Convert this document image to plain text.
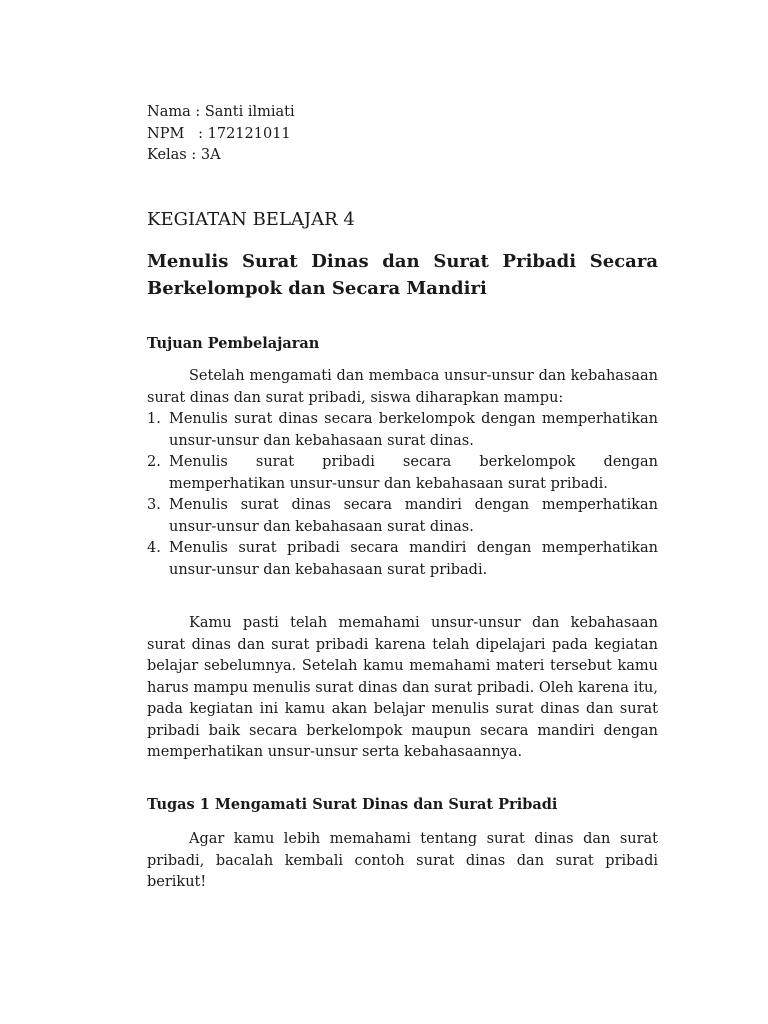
Nama : Santi ilmiati
NPM   : 172121011
Kelas : 3A
KEGIATAN BELAJAR 4
Menulis Surat Dinas dan Surat Pribadi Secara
Berkelompok dan Secara Mandiri
Tujuan Pembelajaran
Setelah mengamati dan membaca unsur-unsur dan kebahasaan surat dinas dan surat pribadi, siswa diharapkan mampu:
1. Menulis surat dinas secara berkelompok dengan memperhatikan unsur-unsur dan kebahasaan surat dinas.
2. Menulis surat pribadi secara berkelompok dengan memperhatikan unsur-unsur dan kebahasaan surat pribadi.
3. Menulis surat dinas secara mandiri dengan memperhatikan unsur-unsur dan kebahasaan surat dinas.
4. Menulis surat pribadi secara mandiri dengan memperhatikan unsur-unsur dan kebahasaan surat pribadi.
Kamu pasti telah memahami unsur-unsur dan kebahasaan surat dinas dan surat pribadi karena telah dipelajari pada kegiatan belajar sebelumnya. Setelah kamu memahami materi tersebut kamu harus mampu menulis surat dinas dan surat pribadi. Oleh karena itu, pada kegiatan ini kamu akan belajar menulis surat dinas dan surat pribadi baik secara berkelompok maupun secara mandiri dengan memperhatikan unsur-unsur serta kebahasaannya.
Tugas 1 Mengamati Surat Dinas dan Surat Pribadi
Agar kamu lebih memahami tentang surat dinas dan surat pribadi, bacalah kembali contoh surat dinas dan surat pribadi berikut!
